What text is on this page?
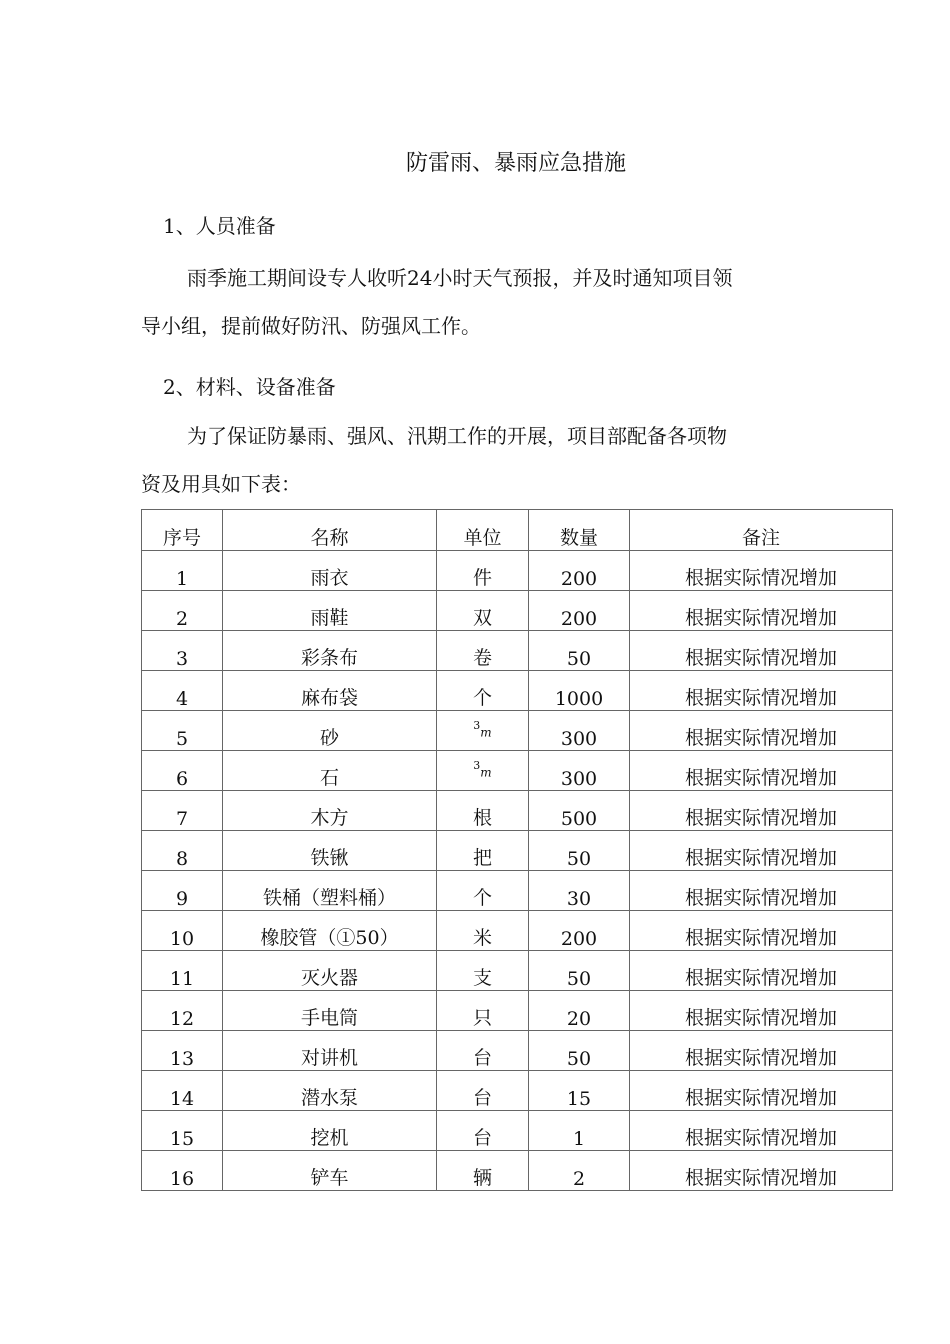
防雷雨、暴雨应急措施
1、人员准备
雨季施工期间设专人收听24小时天气预报，并及时通知项目领
导小组，提前做好防汛、防强风工作。
2、材料、设备准备
为了保证防暴雨、强风、汛期工作的开展，项目部配备各项物
资及用具如下表：
序号	名称	单位	数量	备注
1	雨衣	件	200	根据实际情况增加
2	雨鞋	双	200	根据实际情况增加
3	彩条布	卷	50	根据实际情况增加
4	麻布袋	个	1000	根据实际情况增加
5	砂	$^3$m	300	根据实际情况增加
6	石	$^3$m	300	根据实际情况增加
7	木方	根	500	根据实际情况增加
8	铁锹	把	50	根据实际情况增加
9	铁桶（塑料桶）	个	30	根据实际情况增加
10	橡胶管（①50）	米	200	根据实际情况增加
11	灭火器	支	50	根据实际情况增加
12	手电筒	只	20	根据实际情况增加
13	对讲机	台	50	根据实际情况增加
14	潜水泵	台	15	根据实际情况增加
15	挖机	台	1	根据实际情况增加
16	铲车	辆	2	根据实际情况增加
